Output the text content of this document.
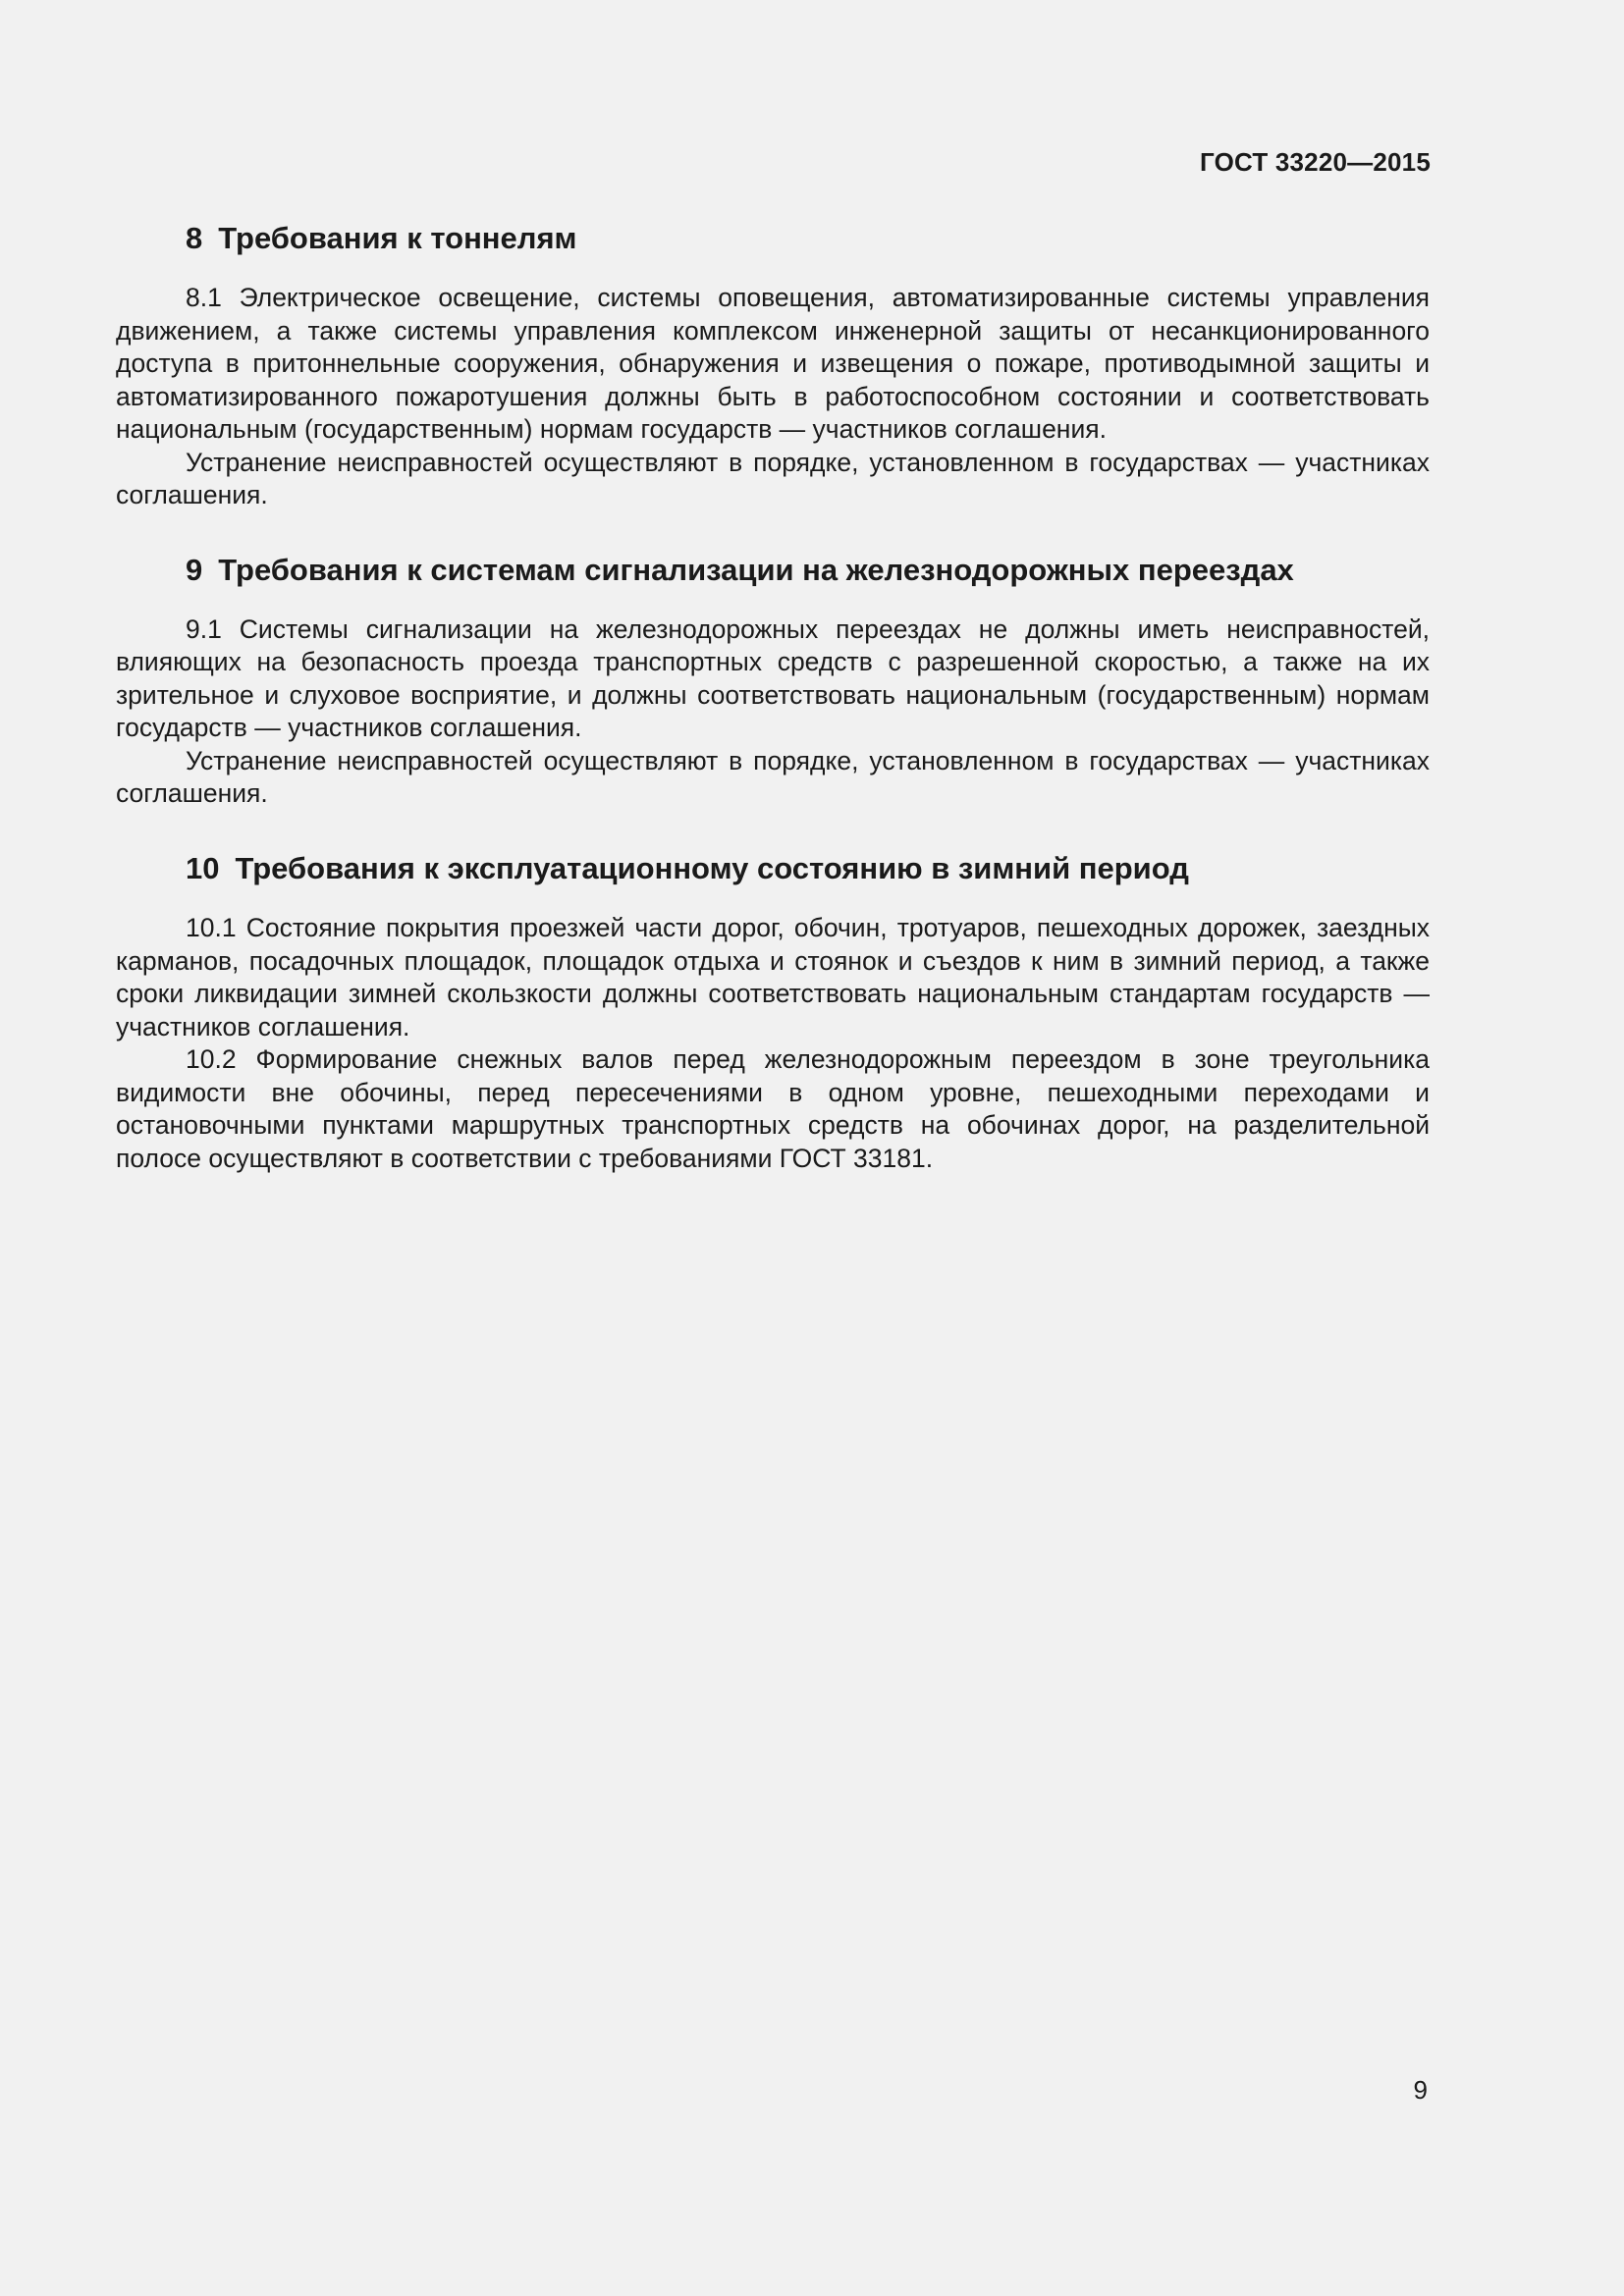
ГОСТ 33220—2015
8 Требования к тоннелям

8.1 Электрическое освещение, системы оповещения, автоматизированные системы управления движением, а также системы управления комплексом инженерной защиты от несанкционированного доступа в притоннельные сооружения, обнаружения и извещения о пожаре, противодымной защиты и автоматизированного пожаротушения должны быть в работоспособном состоянии и соответствовать национальным (государственным) нормам государств — участников соглашения.

Устранение неисправностей осуществляют в порядке, установленном в государствах — участниках соглашения.

9 Требования к системам сигнализации на железнодорожных переездах

9.1 Системы сигнализации на железнодорожных переездах не должны иметь неисправностей, влияющих на безопасность проезда транспортных средств с разрешенной скоростью, а также на их зрительное и слуховое восприятие, и должны соответствовать национальным (государственным) нормам государств — участников соглашения.

Устранение неисправностей осуществляют в порядке, установленном в государствах — участниках соглашения.

10 Требования к эксплуатационному состоянию в зимний период

10.1 Состояние покрытия проезжей части дорог, обочин, тротуаров, пешеходных дорожек, заездных карманов, посадочных площадок, площадок отдыха и стоянок и съездов к ним в зимний период, а также сроки ликвидации зимней скользкости должны соответствовать национальным стандартам государств — участников соглашения.

10.2 Формирование снежных валов перед железнодорожным переездом в зоне треугольника видимости вне обочины, перед пересечениями в одном уровне, пешеходными переходами и остановочными пунктами маршрутных транспортных средств на обочинах дорог, на разделительной полосе осуществляют в соответствии с требованиями ГОСТ 33181.

9
